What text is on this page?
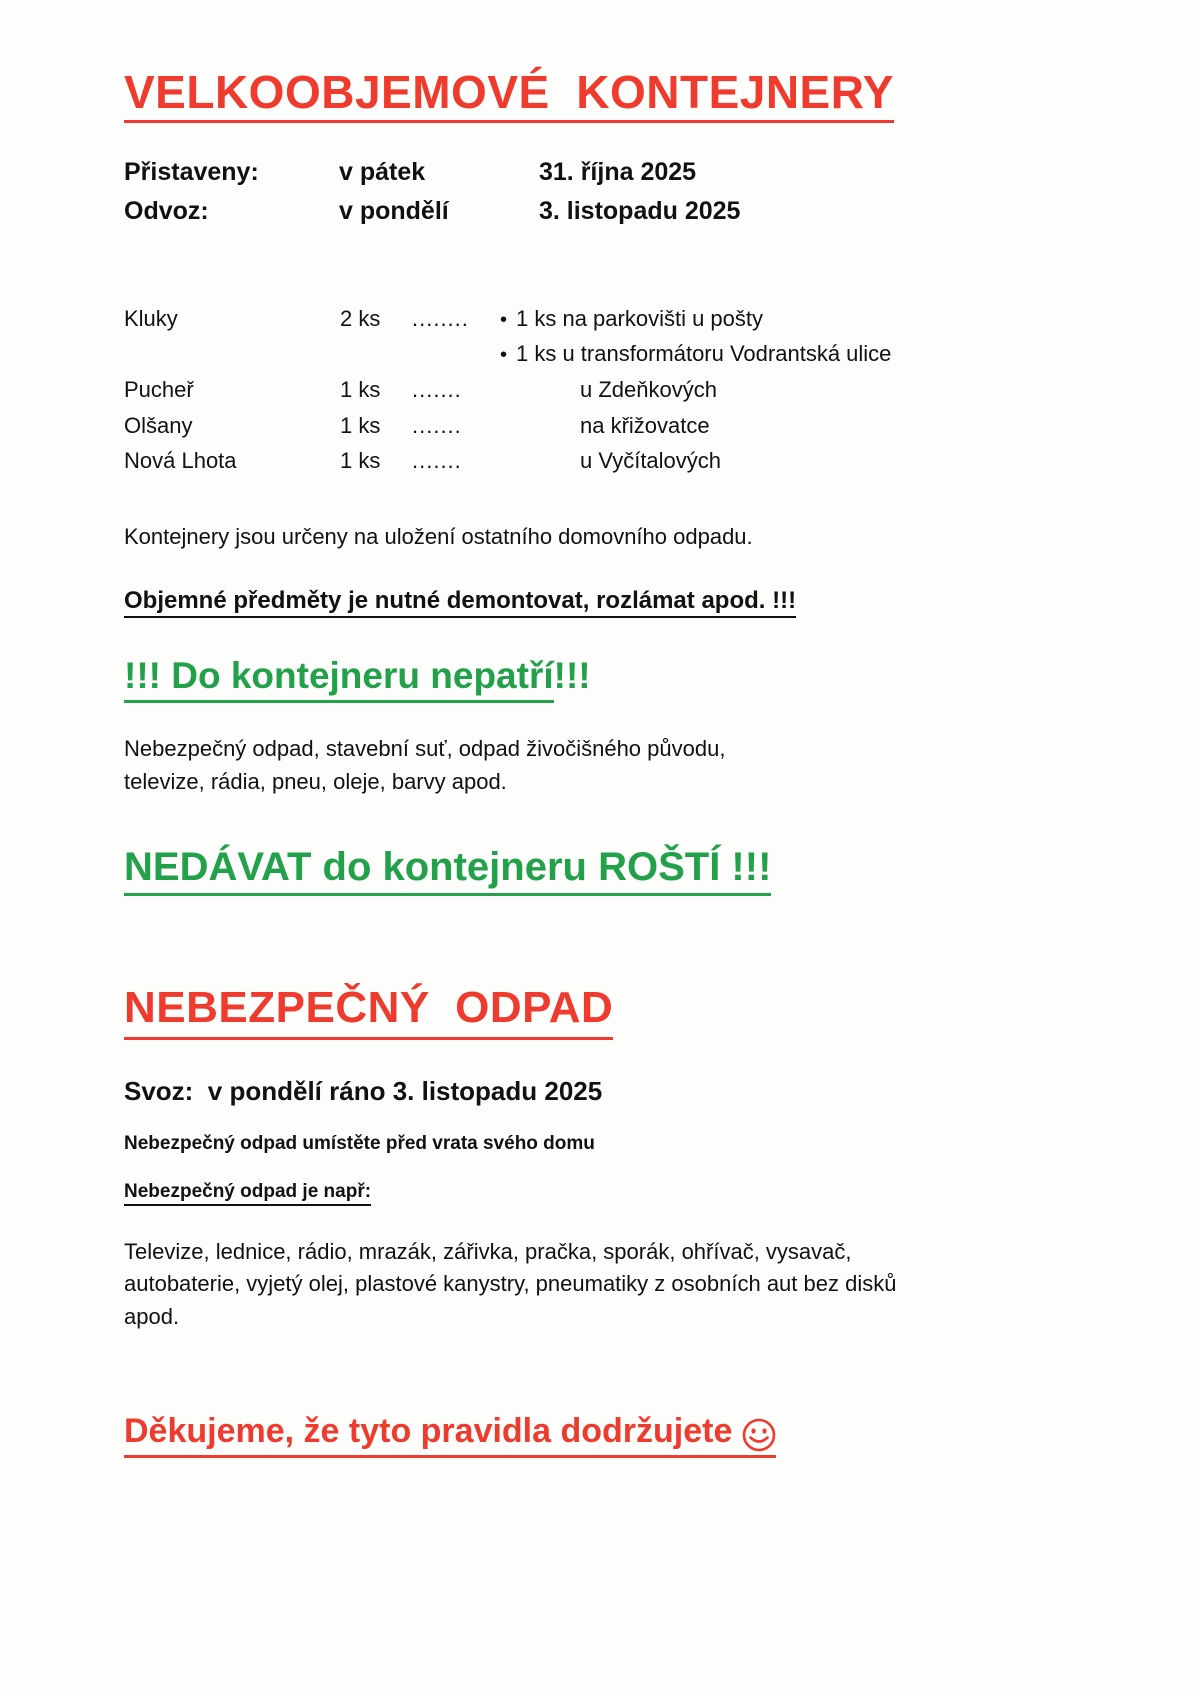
VELKOOBJEMOVÉ  KONTEJNERY
Přistaveny:	v pátek	31. října 2025
Odvoz:	v pondělí	3. listopadu 2025
Kluky	2 ks	........	• 1 ks na parkovišti u pošty
• 1 ks u transformátoru Vodrantská ulice
Pucheř	1 ks	.......	u Zdeňkových
Olšany	1 ks	.......	na křižovatce
Nová Lhota	1 ks	.......	u Vyčítalových

Kontejnery jsou určeny na uložení ostatního domovního odpadu.

Objemné předměty je nutné demontovat, rozlámat apod. !!!
!!! Do kontejneru nepatří!!!

Nebezpečný odpad, stavební suť, odpad živočišného původu,

televize, rádia, pneu, oleje, barvy apod.

NEDÁVAT do kontejneru ROŠTÍ !!! NEBEZPEČNÝ  ODPAD
Svoz:  v pondělí ráno 3. listopadu 2025
Nebezpečný odpad umístěte před vrata svého domu
Nebezpečný odpad je např:

Televize, lednice, rádio, mrazák, zářivka, pračka, sporák, ohřívač, vysavač,

autobaterie, vyjetý olej, plastové kanystry, pneumatiky z osobních aut bez disků

apod.

Děkujeme, že tyto pravidla dodržujete
